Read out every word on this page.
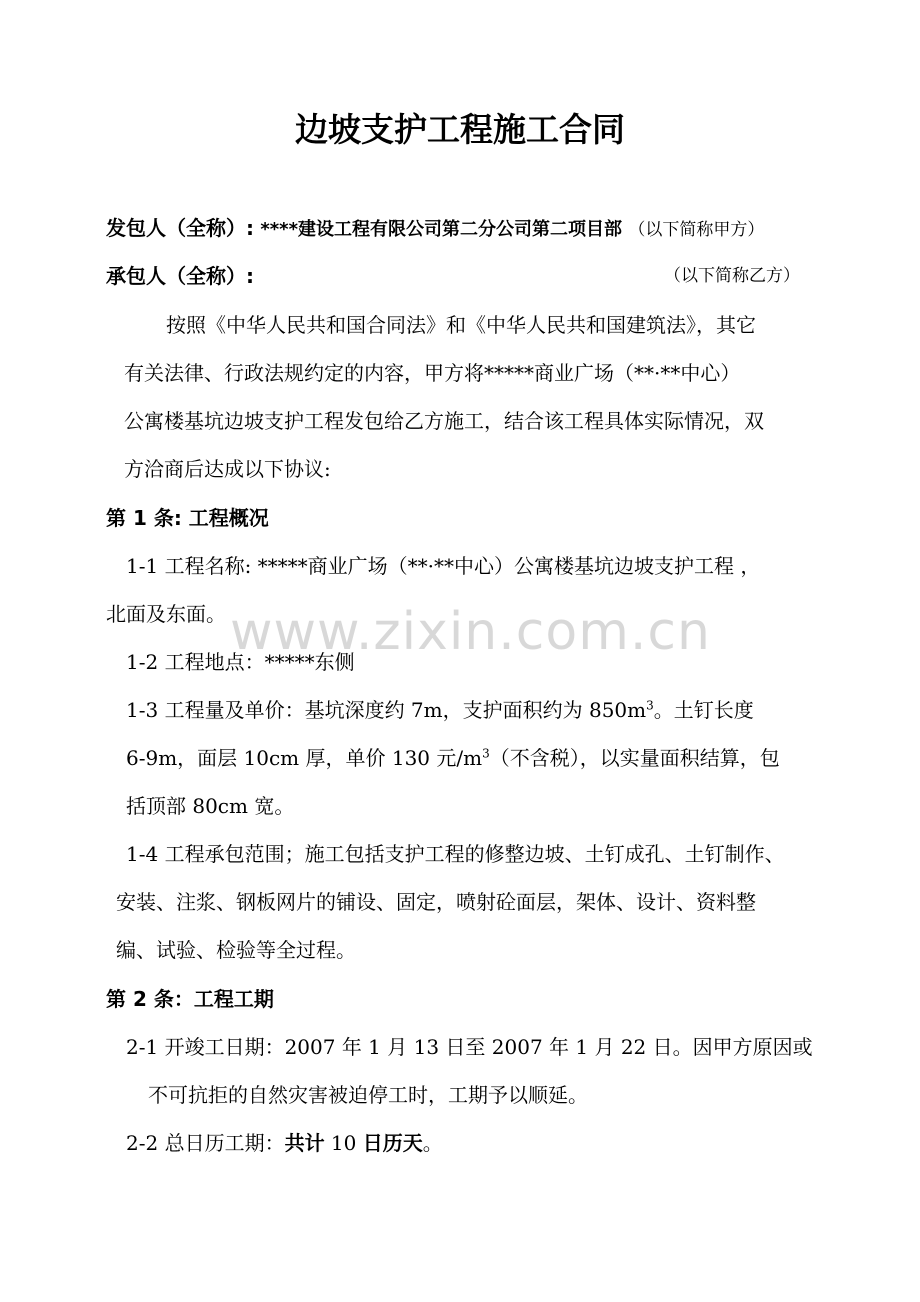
边坡支护工程施工合同
发包人（全称）: ****建设工程有限公司第二分公司第二项目部 （以下简称甲方）
承包人（全称）:	（以下简称乙方）
按照《中华人民共和国合同法》和《中华人民共和国建筑法》，其它
有关法律、行政法规约定的内容，甲方将*****商业广场（**·**中心）
公寓楼基坑边坡支护工程发包给乙方施工，结合该工程具体实际情况，双
方洽商后达成以下协议:
第 1 条: 工程概况
1-1 工程名称: *****商业广场（**·**中心）公寓楼基坑边坡支护工程 ，
北面及东面。
1-2 工程地点：*****东侧
1-3 工程量及单价：基坑深度约 7m，支护面积约为 $850m^3$。土钉长度
6-9m，面层 10cm 厚，单价 130 元$/m^3$（不含税），以实量面积结算，包
括顶部 80cm 宽。
1-4 工程承包范围；施工包括支护工程的修整边坡、土钉成孔、土钉制作、
安装、注浆、钢板网片的铺设、固定，喷射砼面层，架体、设计、资料整
编、试验、检验等全过程。
第 2 条：工程工期
2-1 开竣工日期：2007 年 1 月 13 日至 2007 年 1 月 22 日。因甲方原因或
不可抗拒的自然灾害被迫停工时，工期予以顺延。
2-2 总日历工期：共计 10 日历天。
www.zixin.com.cn
